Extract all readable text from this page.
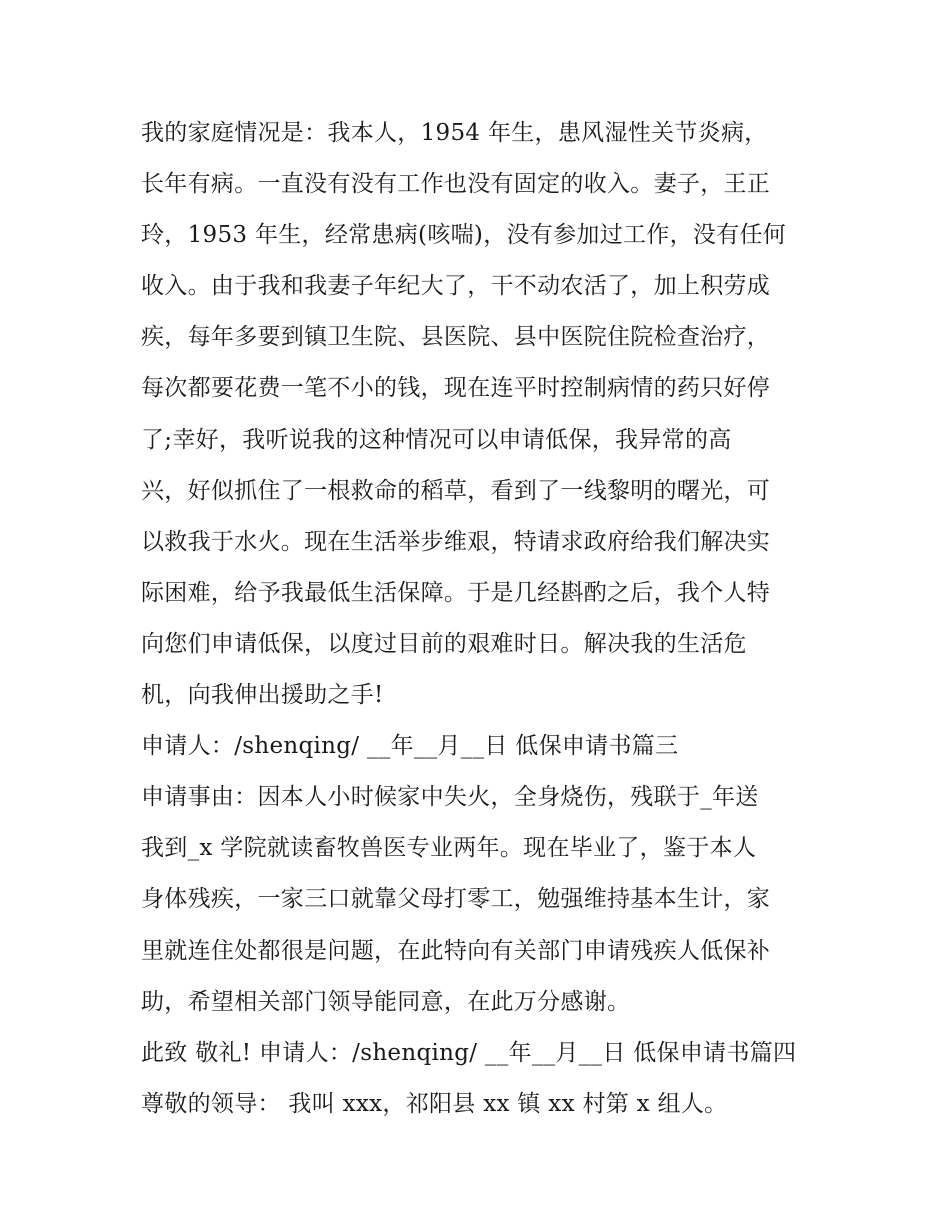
我的家庭情况是：我本人，1954 年生，患风湿性关节炎病，
长年有病。一直没有没有工作也没有固定的收入。妻子，王正
玲，1953 年生，经常患病(咳喘)，没有参加过工作，没有任何
收入。由于我和我妻子年纪大了，干不动农活了，加上积劳成
疾，每年多要到镇卫生院、县医院、县中医院住院检查治疗，
每次都要花费一笔不小的钱，现在连平时控制病情的药只好停
了;幸好，我听说我的这种情况可以申请低保，我异常的高
兴，好似抓住了一根救命的稻草，看到了一线黎明的曙光，可
以救我于水火。现在生活举步维艰，特请求政府给我们解决实
际困难，给予我最低生活保障。于是几经斟酌之后，我个人特
向您们申请低保，以度过目前的艰难时日。解决我的生活危
机，向我伸出援助之手!
申请人：/shenqing/ __年__月__日 低保申请书篇三
申请事由：因本人小时候家中失火，全身烧伤，残联于_年送
我到_x 学院就读畜牧兽医专业两年。现在毕业了，鉴于本人
身体残疾，一家三口就靠父母打零工，勉强维持基本生计，家
里就连住处都很是问题，在此特向有关部门申请残疾人低保补
助，希望相关部门领导能同意，在此万分感谢。
此致 敬礼! 申请人：/shenqing/ __年__月__日 低保申请书篇四
尊敬的领导： 我叫 xxx，祁阳县 xx 镇 xx 村第 x 组人。
